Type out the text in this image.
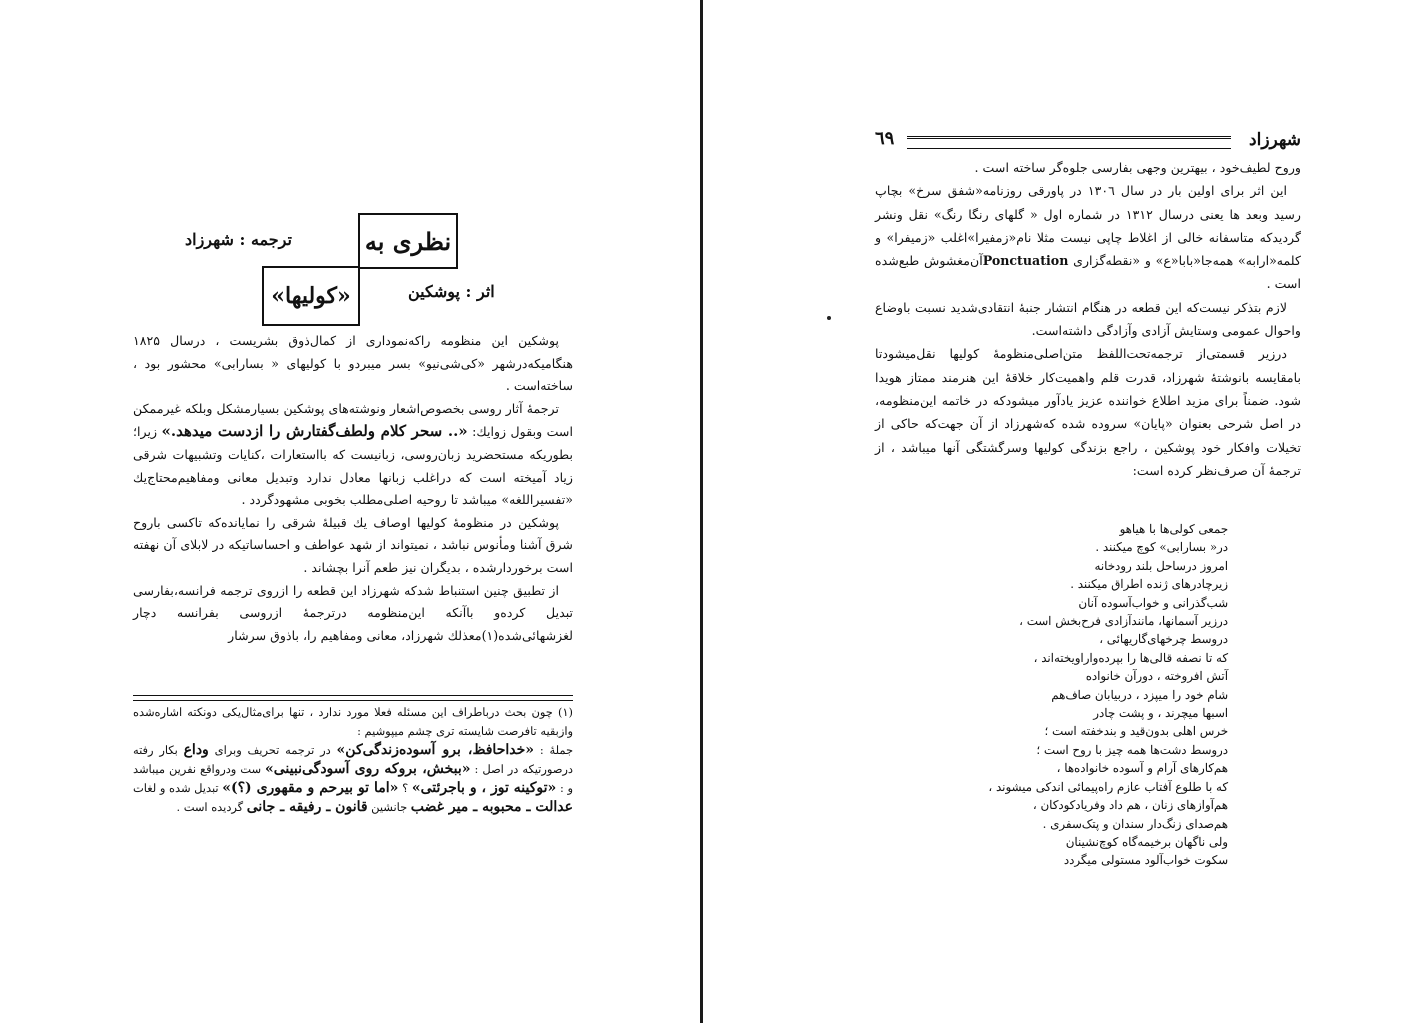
نظری به
ترجمه : شهرزاد
«کولیها»	اثر : پوشکین

پوشکین این منظومه راکه‌نموداری از کمال‌ذوق بشریست ، درسال ۱۸۲۵ هنگامیکه‌درشهر «کی‌شی‌نیو» بسر میبردو با کولیهای « بسارابی» محشور بود ، ساخته‌است .

ترجمهٔ آثار روسی بخصوص‌اشعار ونوشته‌های پوشکین بسیارمشکل وبلکه غیرممکن است وبقول زوایك: «.. سحر کلام ولطف‌گفتارش را ازدست میدهد.» زیرا؛ بطوریکه مستحضرید زبان‌روسی، زبانیست که بااستعارات ،کنایات وتشبیهات شرقی زیاد آمیخته است که دراغلب زبانها معادل ندارد وتبدیل معانی ومفاهیم‌محتاج‌یك «تفسیراللغه» میباشد تا روحیه اصلی‌مطلب بخوبی مشهودگردد .

پوشکین در منظومهٔ کولیها اوصاف یك قبیلهٔ شرقی را نمایانده‌که تاکسی باروح شرق آشنا ومأنوس نباشد ، نمیتواند از شهد عواطف و احساساتیکه در لابلای آن نهفته است برخوردارشده ، بدیگران نیز طعم آنرا بچشاند .

از تطبیق چنین استنباط شدکه شهرزاد این قطعه را ازروی ترجمه فرانسه،بفارسی تبدیل کرده‌و باآنکه این‌منظومه درترجمهٔ ازروسی بفرانسه دچار لغزشهائی‌شده(۱)معذلك شهرزاد، معانی ومفاهیم را، باذوق سرشار

(۱) چون بحث درباطراف این مسئله فعلا مورد ندارد ، تنها برای‌مثال‌یکی دونکته اشاره‌شده وازبقیه تافرصت شایسته تری چشم میپوشیم :

جملهٔ : «خداحافظ، برو آسوده‌زندگی‌کن» در ترجمه تحریف وبرای وداع بکار رفته درصورتیکه در اصل : «ببخش، بروکه روی آسودگی‌نبینی» ست ودرواقع نفرین میباشد و : «توکینه توز ، و باجرئتی» ؟ «اما تو بیرحم و مقهوری (؟)» تبدیل شده و لغات عدالت ـ محبوبه ـ میر غضب جانشین قانون ـ رفیقه ـ جانی گردیده است .

شهرزاد
٦٩

وروح لطیف‌خود ، بیهترین وجهی بفارسی جلوه‌گر ساخته است .

این اثر برای اولین بار در سال ۱۳۰٦ در پاورقی روزنامه«شفق سرخ» بچاپ رسید وبعد ها یعنی درسال ۱۳۱۲ در شماره اول « گلهای رنگا رنگ» نقل ونشر گردیدکه متاسفانه خالی از اغلاط چاپی نیست مثلا نام«زمفیرا»اغلب «زمیفرا» و کلمه«ارابه» همه‌جا«بابا«ع» و «نقطه‌گزاری Ponctuationآن‌مغشوش طبع‌شده است .

لازم بتذکر نیست‌که این قطعه در هنگام انتشار جنبهٔ انتقادی‌شدید نسبت باوضاع واحوال عمومی وستایش آزادی وآزادگی داشته‌است.

درزیر قسمتی‌از ترجمه‌تحت‌اللفظ متن‌اصلی‌منظومهٔ کولیها نقل‌میشودتا بامقایسه بانوشتهٔ شهرزاد، قدرت قلم واهمیت‌کار خلاقهٔ این هنرمند ممتاز هویدا شود. ضمناً برای مزید اطلاع خواننده عزیز یادآور میشودکه در خاتمه این‌منظومه، در اصل شرحی بعنوان «پایان» سروده شده که‌شهرزاد از آن جهت‌که حاکی از تخیلات وافکار خود پوشکین ، راجع بزندگی کولیها وسرگشتگی آنها میباشد ، از ترجمهٔ آن صرف‌نظر کرده است:

جمعی کولی‌ها با هیاهو
در« بسارابی» کوچ میکنند .
امروز درساحل بلند رودخانه
زیرچادرهای ژنده اطراق میکنند .
شب‌گذرانی و خواب‌آسوده آنان
درزیر آسمانها، مانندآزادی فرح‌بخش است ،
دروسط چرخهای‌گاریهائی ،
که تا نصفه قالی‌ها را بپرده‌واراویخته‌اند ،
آتش افروخته ، دورآن خانواده
شام خود را میپزد ، دربیابان صاف‌هم
اسبها میچرند ، و پشت چادر
خرس اهلی بدون‌قید و بندخفته است ؛
دروسط دشت‌ها همه چیز با روح است ؛
هم‌کارهای آرام و آسوده خانواده‌ها ،
که با طلوع آفتاب عازم راه‌پیمائی اندکی میشوند ،
هم‌آوازهای زنان ، هم داد وفریادکودکان ،
هم‌صدای زنگ‌دار سندان و پتک‌سفری .
ولی ناگهان برخیمه‌گاه کوچ‌نشینان
سکوت خواب‌آلود مستولی میگردد
